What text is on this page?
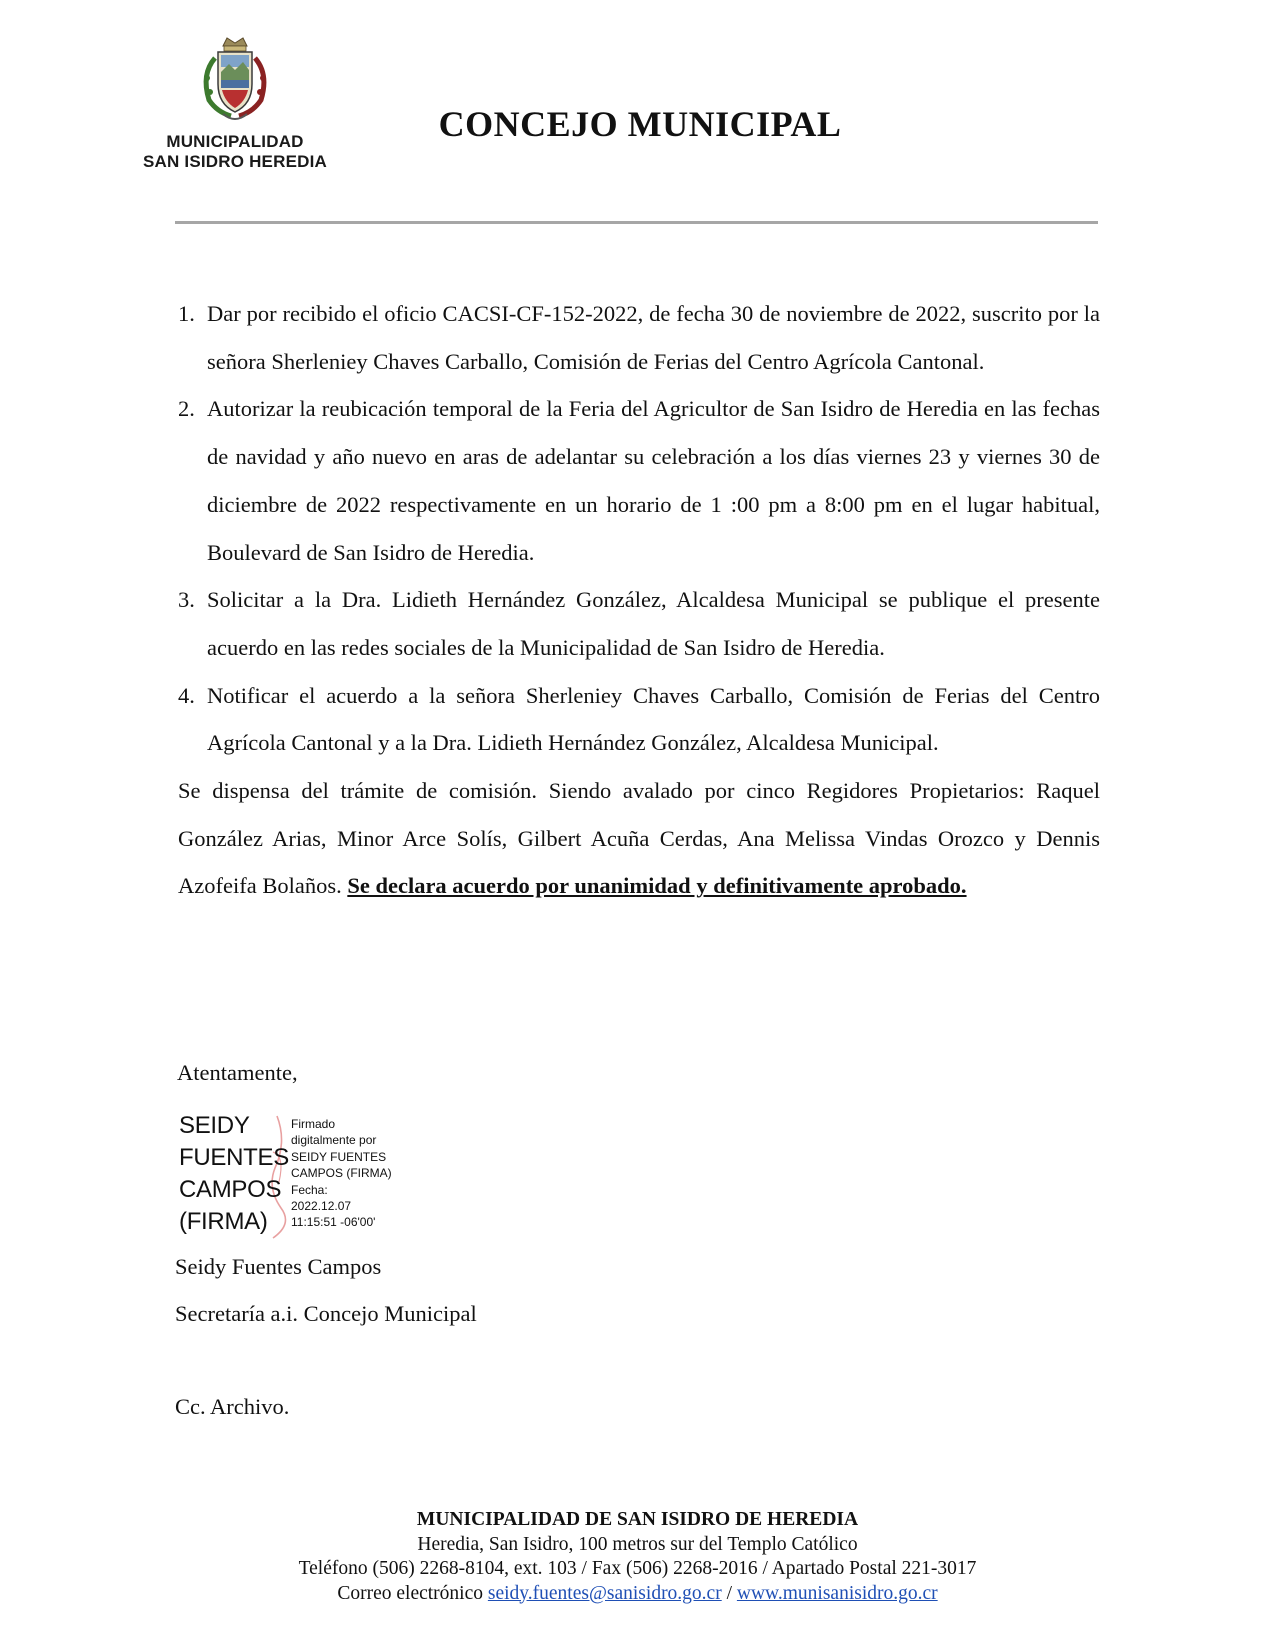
MUNICIPALIDAD
SAN ISIDRO HEREDIA
CONCEJO MUNICIPAL
1. Dar por recibido el oficio CACSI-CF-152-2022, de fecha 30 de noviembre de 2022, suscrito por la señora Sherleniey Chaves Carballo, Comisión de Ferias del Centro Agrícola Cantonal.
2. Autorizar la reubicación temporal de la Feria del Agricultor de San Isidro de Heredia en las fechas de navidad y año nuevo en aras de adelantar su celebración a los días viernes 23 y viernes 30 de diciembre de 2022 respectivamente en un horario de 1 :00 pm a 8:00 pm en el lugar habitual, Boulevard de San Isidro de Heredia.
3. Solicitar a la Dra. Lidieth Hernández González, Alcaldesa Municipal se publique el presente acuerdo en las redes sociales de la Municipalidad de San Isidro de Heredia.
4. Notificar el acuerdo a la señora Sherleniey Chaves Carballo, Comisión de Ferias del Centro Agrícola Cantonal y a la Dra. Lidieth Hernández González, Alcaldesa Municipal.
Se dispensa del trámite de comisión. Siendo avalado por cinco Regidores Propietarios: Raquel González Arias, Minor Arce Solís, Gilbert Acuña Cerdas, Ana Melissa Vindas Orozco y Dennis Azofeifa Bolaños. Se declara acuerdo por unanimidad y definitivamente aprobado.
Atentamente,
SEIDY
FUENTES
CAMPOS
(FIRMA)
Firmado
digitalmente por
SEIDY FUENTES
CAMPOS (FIRMA)
Fecha:
2022.12.07
11:15:51 -06'00'
Seidy Fuentes Campos
Secretaría a.i. Concejo Municipal
Cc. Archivo.
MUNICIPALIDAD DE SAN ISIDRO DE HEREDIA
Heredia, San Isidro, 100 metros sur del Templo Católico
Teléfono (506) 2268-8104, ext. 103 / Fax (506) 2268-2016 / Apartado Postal 221-3017
Correo electrónico seidy.fuentes@sanisidro.go.cr / www.munisanisidro.go.cr
